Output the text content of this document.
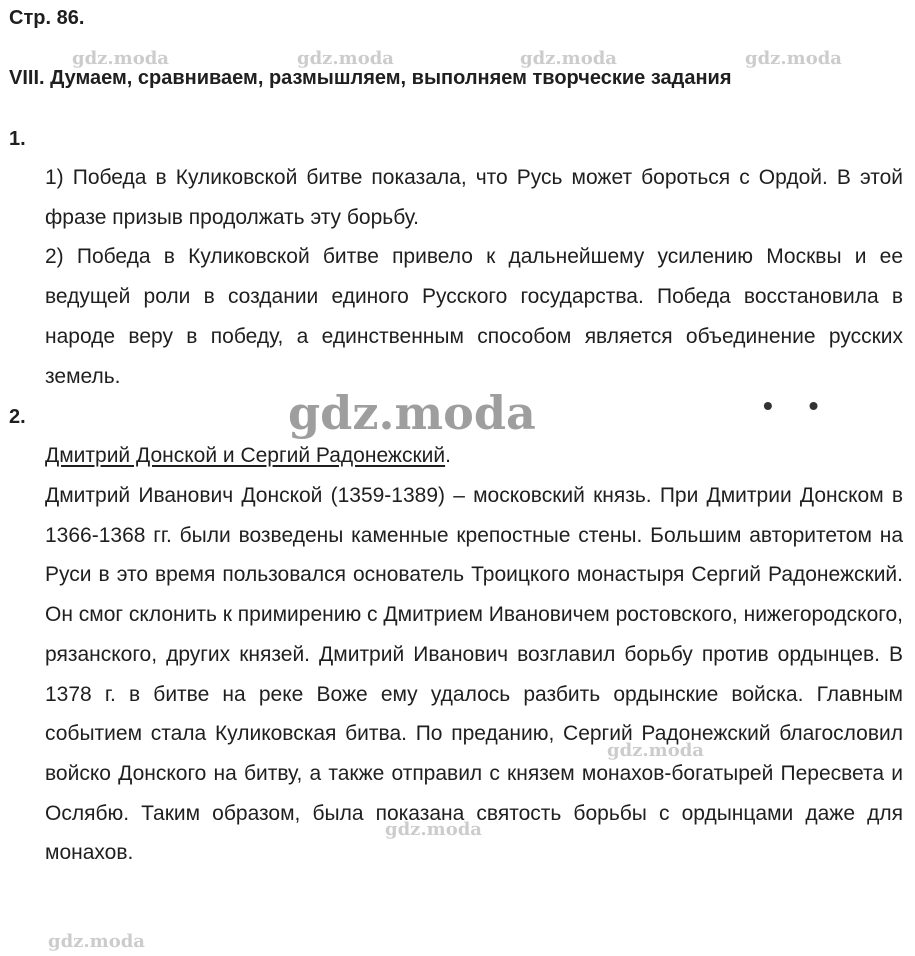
Стр. 86.
gdz.moda	gdz.moda	gdz.moda	gdz.moda
VIII. Думаем, сравниваем, размышляем, выполняем творческие задания
1.

1) Победа в Куликовской битве показала, что Русь может бороться с Ордой. В этой фразе призыв продолжать эту борьбу.

2) Победа в Куликовской битве привело к дальнейшему усилению Москвы и ее ведущей роли в создании единого Русского государства. Победа восстановила в народе веру в победу, а единственным способом является объединение русских земель.

2.	gdz.moda	• •
Дмитрий Донской и Сергий Радонежский.

Дмитрий Иванович Донской (1359-1389) – московский князь. При Дмитрии Донском в 1366-1368 гг. были возведены каменные крепостные стены. Большим авторитетом на Руси в это время пользовался основатель Троицкого монастыря Сергий Радонежский. Он смог склонить к примирению с Дмитрием Ивановичем ростовского, нижегородского, рязанского, других князей. Дмитрий Иванович возглавил борьбу против ордынцев. В 1378 г. в битве на реке Воже ему удалось разбить ордынские войска. Главным событием стала Куликовская битва. По преданию, Сергий Радонежский благословил войско Донского на битву, а также отправил с князем монахов-богатырей Пересвета и Ослябю. Таким образом, была показана святость борьбы с ордынцами даже для монахов.

gdz.moda
gdz.moda
gdz.moda
